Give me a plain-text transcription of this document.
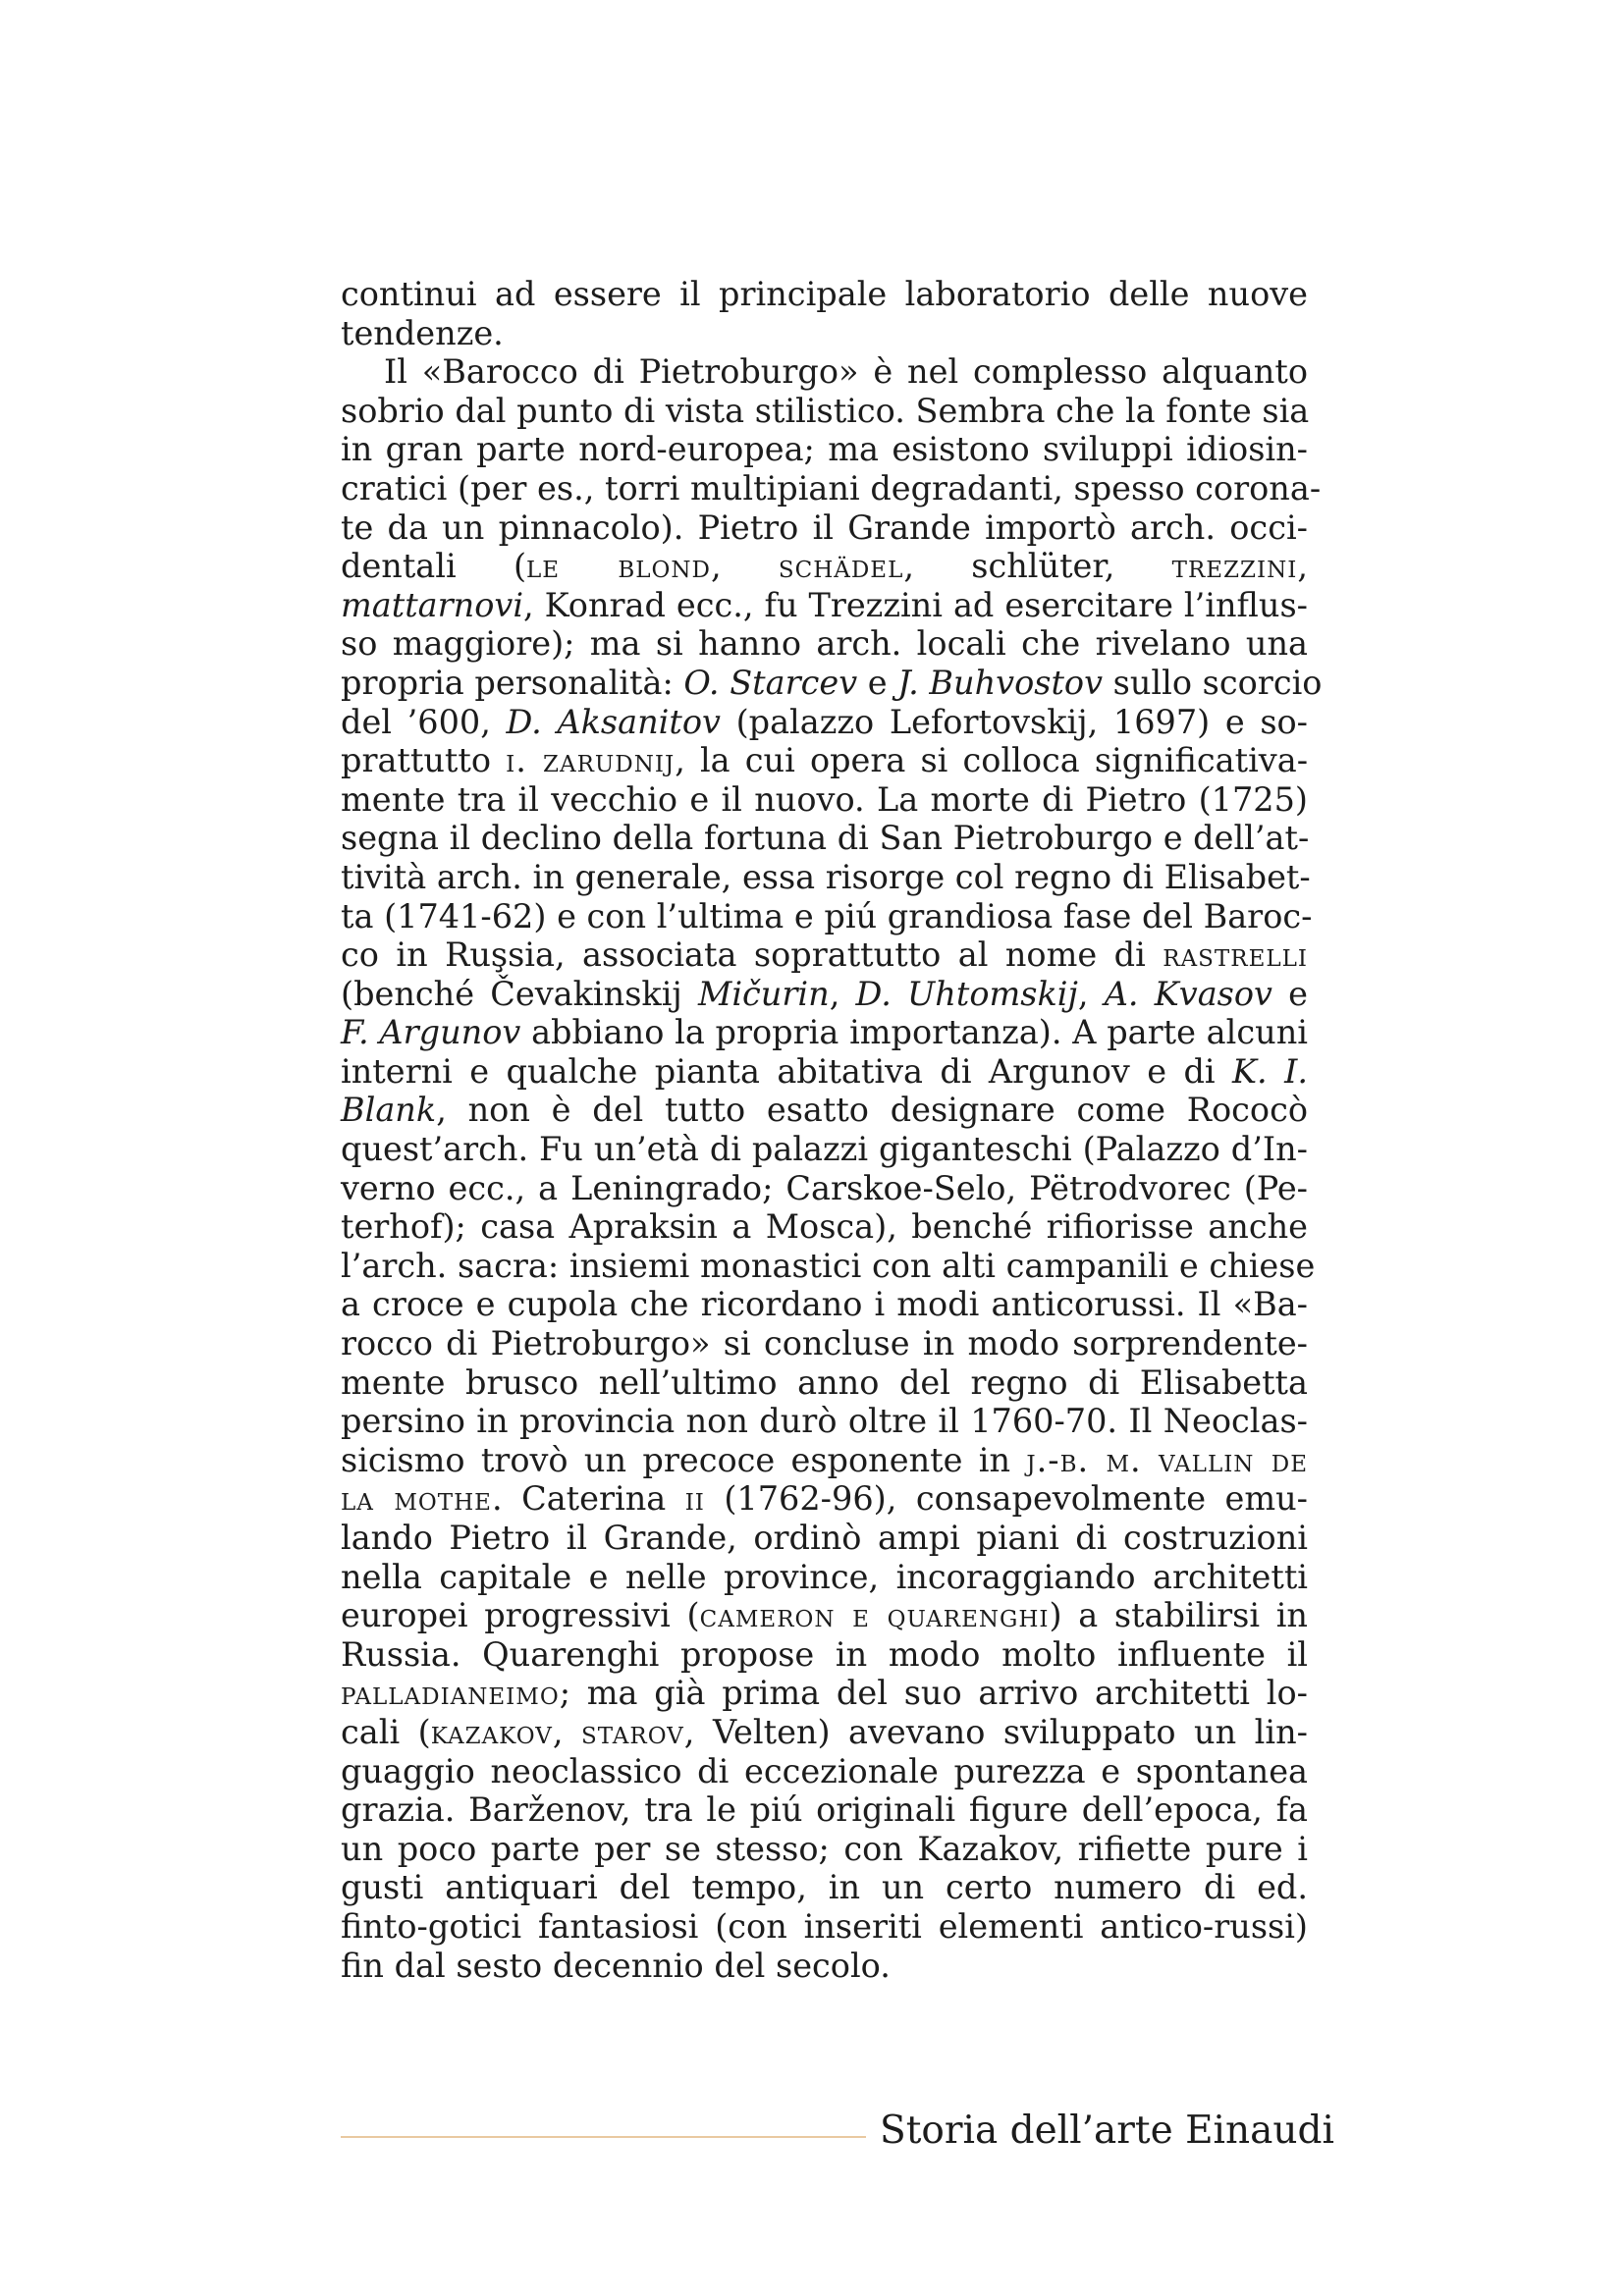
continui ad essere il principale laboratorio delle nuove
tendenze.
Il «Barocco di Pietroburgo» è nel complesso alquanto
sobrio dal punto di vista stilistico. Sembra che la fonte sia
in gran parte nord-europea; ma esistono sviluppi idiosin-
cratici (per es., torri multipiani degradanti, spesso corona-
te da un pinnacolo). Pietro il Grande importò arch. occi-
dentali (le blond, schädel, schlüter, trezzini,
mattarnovi, Konrad ecc., fu Trezzini ad esercitare l’influs-
so maggiore); ma si hanno arch. locali che rivelano una
propria personalità: O. Starcev e J. Buhvostov sullo scorcio
del ’600, D. Aksanitov (palazzo Lefortovskij, 1697) e so-
prattutto i. zarudnij, la cui opera si colloca significativa-
mente tra il vecchio e il nuovo. La morte di Pietro (1725)
segna il declino della fortuna di San Pietroburgo e dell’at-
tività arch. in generale, essa risorge col regno di Elisabet-
ta (1741-62) e con l’ultima e piú grandiosa fase del Baroc-
co in Ruşsia, associata soprattutto al nome di rastrelli
(benché Čevakinskij Mičurin, D. Uhtomskij, A. Kvasov e
F. Argunov abbiano la propria importanza). A parte alcuni
interni e qualche pianta abitativa di Argunov e di K. I.
Blank, non è del tutto esatto designare come Rococò
quest’arch. Fu un’età di palazzi giganteschi (Palazzo d’In-
verno ecc., a Leningrado; Carskoe-Selo, Pëtrodvorec (Pe-
terhof); casa Apraksin a Mosca), benché rifiorisse anche
l’arch. sacra: insiemi monastici con alti campanili e chiese
a croce e cupola che ricordano i modi anticorussi. Il «Ba-
rocco di Pietroburgo» si concluse in modo sorprendente-
mente brusco nell’ultimo anno del regno di Elisabetta
persino in provincia non durò oltre il 1760-70. Il Neoclas-
sicismo trovò un precoce esponente in j.-b. m. vallin de
la mothe. Caterina ii (1762-96), consapevolmente emu-
lando Pietro il Grande, ordinò ampi piani di costruzioni
nella capitale e nelle province, incoraggiando architetti
europei progressivi (cameron e quarenghi) a stabilirsi in
Russia. Quarenghi propose in modo molto influente il
palladianeimo; ma già prima del suo arrivo architetti lo-
cali (kazakov, starov, Velten) avevano sviluppato un lin-
guaggio neoclassico di eccezionale purezza e spontanea
grazia. Barženov, tra le piú originali figure dell’epoca, fa
un poco parte per se stesso; con Kazakov, rifiette pure i
gusti antiquari del tempo, in un certo numero di ed.
finto-gotici fantasiosi (con inseriti elementi antico-russi)
fin dal sesto decennio del secolo.
Storia dell’arte Einaudi
